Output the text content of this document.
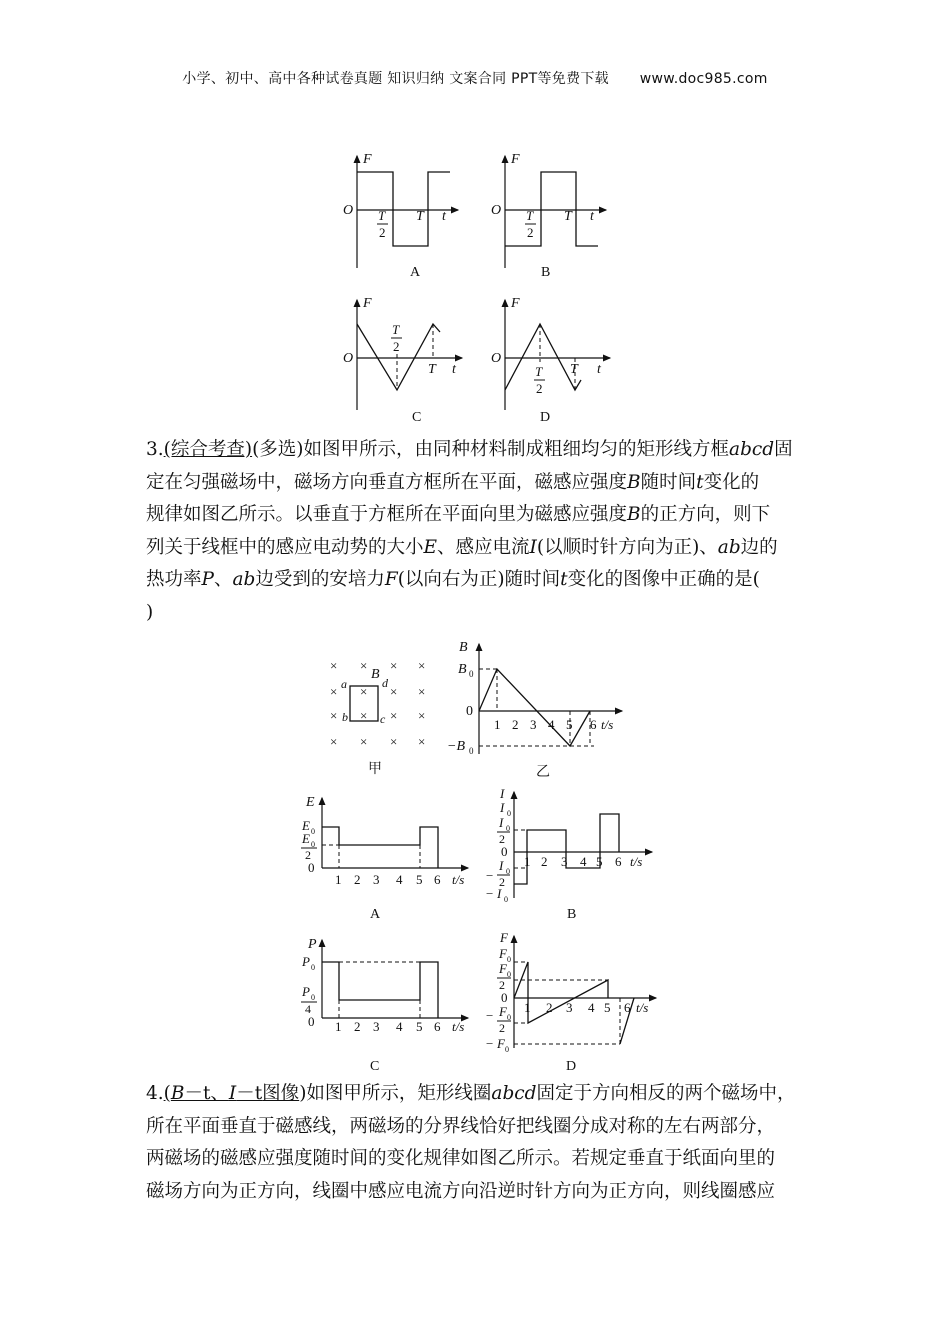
小学、初中、高中各种试卷真题 知识归纳 文案合同 PPT等免费下载 www.doc985.com
F
O T
2
T t
A
F
O T
2
T t
B
F
O
T
2
T t
C
F
O
T
2
T t
D

3.(综合考查)(多选)如图甲所示，由同种材料制成粗细均匀的矩形线方框abcd固

定在匀强磁场中，磁场方向垂直方框所在平面，磁感应强度B随时间t变化的

规律如图乙所示。以垂直于方框所在平面向里为磁感应强度B的正方向，则下

列关于线框中的感应电动势的大小E、感应电流I(以顺时针方向为正)、ab边的

热功率P、ab边受到的安培力F(以向右为正)随时间t变化的图像中正确的是(

)

× × × ×
× × × ×
× × × ×
× × × ×
a
b	c
d
B
甲
B
B 0
0
−B 0
1 2 3 4 5 6 t/s
乙
E
E 0
E 0
2
0
1 2 3 4 5 6 t/s
A
I
I 0
I 0
2
0
I 0
− 2
− I 0
1 2 3 4 5 6 t/s
B
P
P 0
P 0
4
0 1 2 3 4 5 6 t/s
C
F
F 0
F 0
2
0
− F 0
2
− F 0
1 2 3 4 5 6 t/s
D

4.(B－t、I－t图像)如图甲所示，矩形线圈abcd固定于方向相反的两个磁场中，

所在平面垂直于磁感线，两磁场的分界线恰好把线圈分成对称的左右两部分，

两磁场的磁感应强度随时间的变化规律如图乙所示。若规定垂直于纸面向里的

磁场方向为正方向，线圈中感应电流方向沿逆时针方向为正方向，则线圈感应
